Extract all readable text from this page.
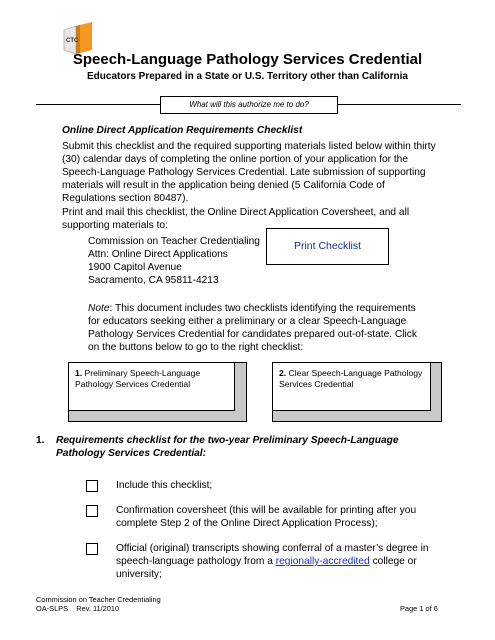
CTC
Speech-Language Pathology Services Credential
Educators Prepared in a State or U.S. Territory other than California
What will this authorize me to do?
Online Direct Application Requirements Checklist
Submit this checklist and the required supporting materials listed below within thirty (30) calendar days of completing the online portion of your application for the Speech-Language Pathology Services Credential. Late submission of supporting materials will result in the application being denied (5 California Code of Regulations section 80487).
Print and mail this checklist, the Online Direct Application Coversheet, and all supporting materials to:
Commission on Teacher Credentialing
Attn: Online Direct Applications
1900 Capitol Avenue
Sacramento, CA 95811-4213
Print Checklist
Note: This document includes two checklists identifying the requirements for educators seeking either a preliminary or a clear Speech-Language Pathology Services Credential for candidates prepared out-of-state. Click on the buttons below to go to the right checklist:
1. Preliminary Speech-Language Pathology Services Credential
2. Clear Speech-Language Pathology Services Credential
1. Requirements checklist for the two-year Preliminary Speech-Language Pathology Services Credential:
Include this checklist;
Confirmation coversheet (this will be available for printing after you complete Step 2 of the Online Direct Application Process);
Official (original) transcripts showing conferral of a master’s degree in speech-language pathology from a regionally-accredited college or university;
Commission on Teacher Credentialing
OA-SLPS    Rev. 11/2010	Page 1 of 6
